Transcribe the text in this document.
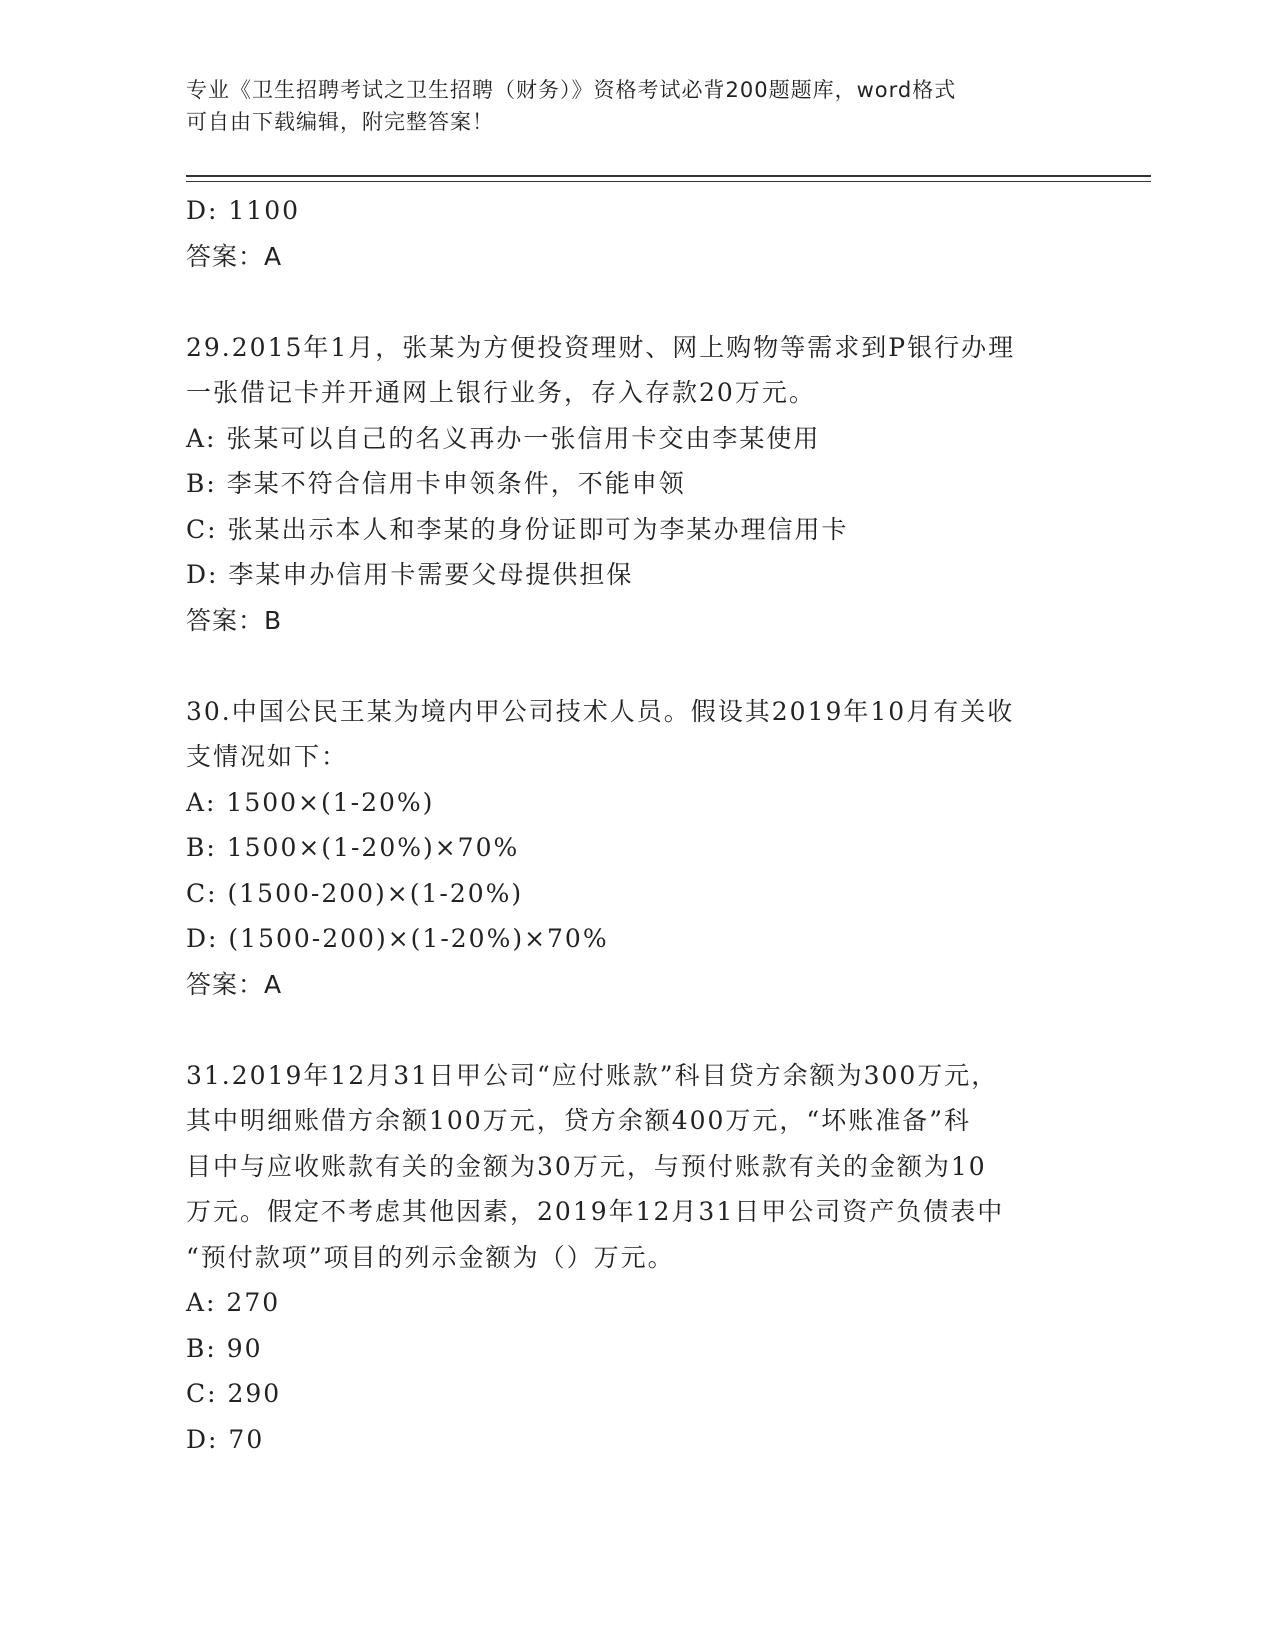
专业《卫生招聘考试之卫生招聘（财务）》资格考试必背200题题库，word格式
可自由下载编辑，附完整答案！
D: 1100
答案：A
29.2015年1月，张某为方便投资理财、网上购物等需求到P银行办理
一张借记卡并开通网上银行业务，存入存款20万元。
A: 张某可以自己的名义再办一张信用卡交由李某使用
B: 李某不符合信用卡申领条件，不能申领
C: 张某出示本人和李某的身份证即可为李某办理信用卡
D: 李某申办信用卡需要父母提供担保
答案：B
30.中国公民王某为境内甲公司技术人员。假设其2019年10月有关收
支情况如下：
A: 1500×(1-20%)
B: 1500×(1-20%)×70%
C: (1500-200)×(1-20%)
D: (1500-200)×(1-20%)×70%
答案：A
31.2019年12月31日甲公司“应付账款”科目贷方余额为300万元，
其中明细账借方余额100万元，贷方余额400万元，“坏账准备”科
目中与应收账款有关的金额为30万元，与预付账款有关的金额为10
万元。假定不考虑其他因素，2019年12月31日甲公司资产负债表中
“预付款项”项目的列示金额为（）万元。
A: 270
B: 90
C: 290
D: 70
